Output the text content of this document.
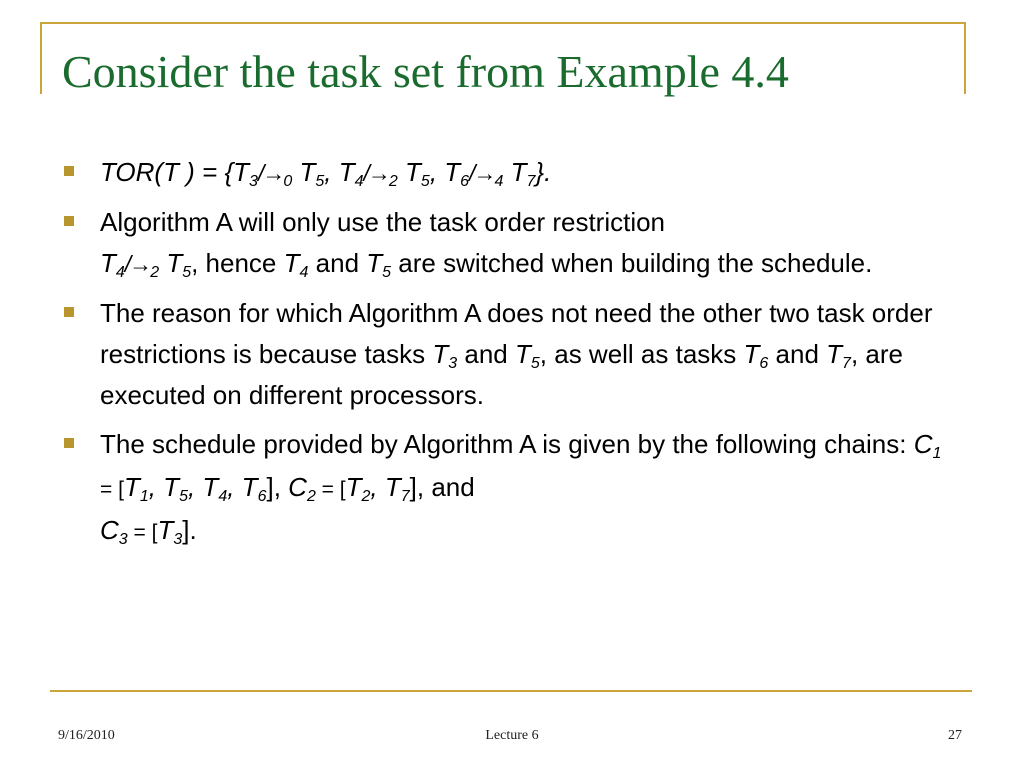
Consider the task set from Example 4.4
TOR(T ) = {$T_3/\to_0$ $T_5$, $T_4/\to_2$ $T_5$, $T_6/\to_4$ $T_7$}.
Algorithm A will only use the task order restriction
$T_4/\to_2$ $T_5$, hence $T_4$ and $T_5$ are switched when building the schedule.
The reason for which Algorithm A does not need the other two task order restrictions is because tasks $T_3$ and $T_5$, as well as tasks $T_6$ and $T_7$, are executed on different processors.
The schedule provided by Algorithm A is given by the following chains: $C_1 = [T_1$, $T_5$, $T_4$, $T_6$], $C_2 = [T_2$, $T_7$], and
$C_3 = [T_3]$.
9/16/2010	Lecture 6	27
